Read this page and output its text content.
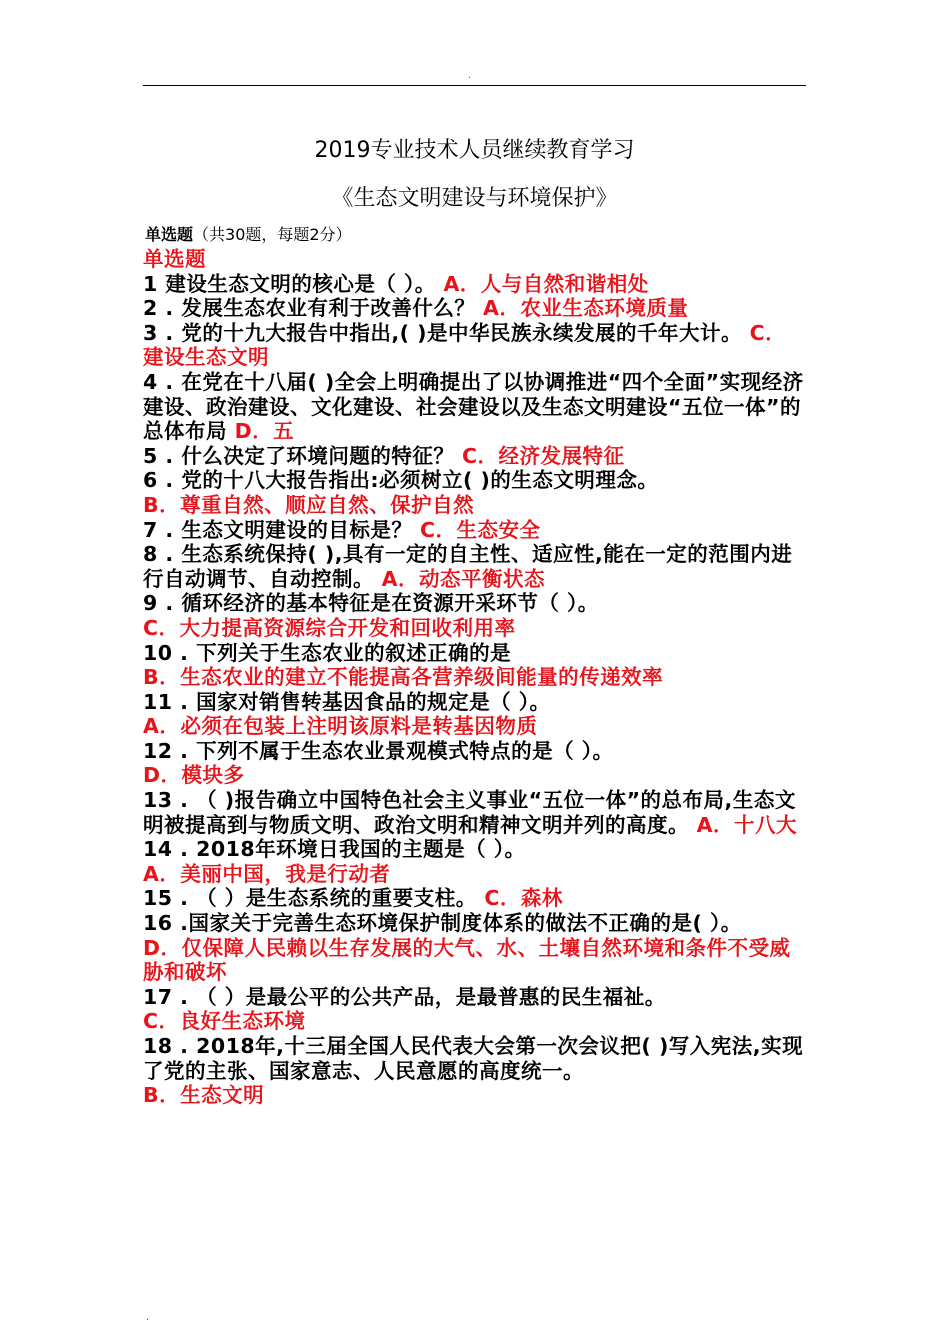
.
2019专业技术人员继续教育学习
《生态文明建设与环境保护》
单选题（共30题，每题2分）

单选题

1 建设生态文明的核心是（ ）。 A．人与自然和谐相处

2 . 发展生态农业有利于改善什么？ A．农业生态环境质量

3 . 党的十九大报告中指出,( )是中华民族永续发展的千年大计。 C．建设生态文明

4 . 在党在十八届( )全会上明确提出了以协调推进“四个全面”实现经济建设、政治建设、文化建设、社会建设以及生态文明建设“五位一体”的总体布局 D．五

5 . 什么决定了环境问题的特征？ C．经济发展特征

6 . 党的十八大报告指出:必须树立( )的生态文明理念。

B．尊重自然、顺应自然、保护自然

7 . 生态文明建设的目标是？ C．生态安全

8 . 生态系统保持( ),具有一定的自主性、适应性,能在一定的范围内进行自动调节、自动控制。 A．动态平衡状态

9 . 循环经济的基本特征是在资源开采环节（ ）。

C．大力提高资源综合开发和回收利用率

10 . 下列关于生态农业的叙述正确的是

B．生态农业的建立不能提高各营养级间能量的传递效率

11 . 国家对销售转基因食品的规定是（ ）。

A．必须在包装上注明该原料是转基因物质

12 . 下列不属于生态农业景观模式特点的是（ ）。

D．模块多

13 . （ )报告确立中国特色社会主义事业“五位一体”的总布局,生态文明被提高到与物质文明、政治文明和精神文明并列的高度。 A．十八大

14 . 2018年环境日我国的主题是（ ）。

A．美丽中国，我是行动者

15 . （ ）是生态系统的重要支柱。 C．森林

16 .国家关于完善生态环境保护制度体系的做法不正确的是( ）。

D．仅保障人民赖以生存发展的大气、水、土壤自然环境和条件不受威胁和破坏

17 . （ ）是最公平的公共产品，是最普惠的民生福祉。

C．良好生态环境

18 . 2018年,十三届全国人民代表大会第一次会议把( )写入宪法,实现了党的主张、国家意志、人民意愿的高度统一。

B．生态文明

.
